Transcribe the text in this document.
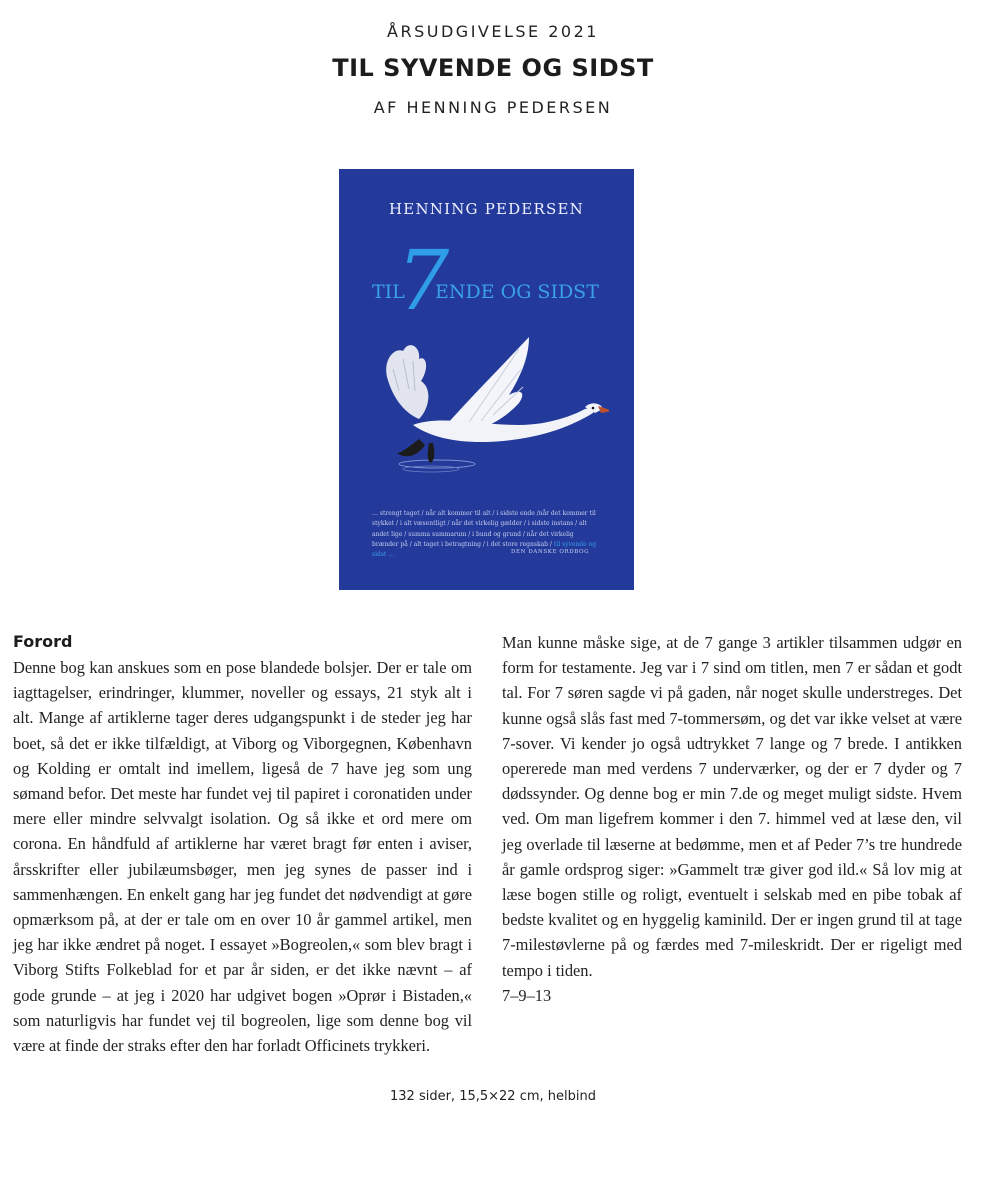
ÅRSUDGIVELSE 2021
TIL SYVENDE OG SIDST
AF HENNING PEDERSEN
HENNING PEDERSEN
7
TIL ENDE OG SIDST
… strengt taget / når alt kommer til alt / i sidste ende /når det kommer til stykket / i alt væsentligt / når det virkelig gælder / i sidste instans / alt andet lige / summa summarum / i bund og grund / når det virkelig brænder på / alt taget i betragtning / i det store regnskab / til syvende og sidst …	DEN DANSKE ORDBOG
Forord

Denne bog kan anskues som en pose blandede bolsjer. Der er tale om iagttagelser, erindringer, klummer, noveller og essays, 21 styk alt i alt. Mange af artiklerne tager deres udgangspunkt i de steder jeg har boet, så det er ikke tilfældigt, at Viborg og Viborgegnen, København og Kolding er omtalt ind imellem, ligeså de 7 have jeg som ung sømand befor. Det meste har fundet vej til papiret i coronatiden under mere eller mindre selvvalgt isolation. Og så ikke et ord mere om corona. En håndfuld af artiklerne har været bragt før enten i aviser, årsskrifter eller jubilæumsbøger, men jeg synes de passer ind i sammenhængen. En enkelt gang har jeg fundet det nødvendigt at gøre opmærksom på, at der er tale om en over 10 år gammel artikel, men jeg har ikke ændret på noget. I essayet »Bogreolen,« som blev bragt i Viborg Stifts Folkeblad for et par år siden, er det ikke nævnt – af gode grunde – at jeg i 2020 har udgivet bogen »Oprør i Bistaden,« som naturligvis har fundet vej til bogreolen, lige som denne bog vil være at finde der straks efter den har forladt Officinets trykkeri.

Man kunne måske sige, at de 7 gange 3 artikler tilsammen udgør en form for testamente. Jeg var i 7 sind om titlen, men 7 er sådan et godt tal. For 7 søren sagde vi på gaden, når noget skulle understreges. Det kunne også slås fast med 7-tommersøm, og det var ikke velset at være 7-sover. Vi kender jo også udtrykket 7 lange og 7 brede. I antikken opererede man med verdens 7 underværker, og der er 7 dyder og 7 dødssynder. Og denne bog er min 7.de og meget muligt sidste. Hvem ved. Om man ligefrem kommer i den 7. himmel ved at læse den, vil jeg overlade til læserne at bedømme, men et af Peder 7’s tre hundrede år gamle ordsprog siger: »Gammelt træ giver god ild.« Så lov mig at læse bogen stille og roligt, eventuelt i selskab med en pibe tobak af bedste kvalitet og en hyggelig kaminild. Der er ingen grund til at tage 7-milestøvlerne på og færdes med 7-mileskridt. Der er rigeligt med tempo i tiden.

7–9–13

132 sider, 15,5×22 cm, helbind
